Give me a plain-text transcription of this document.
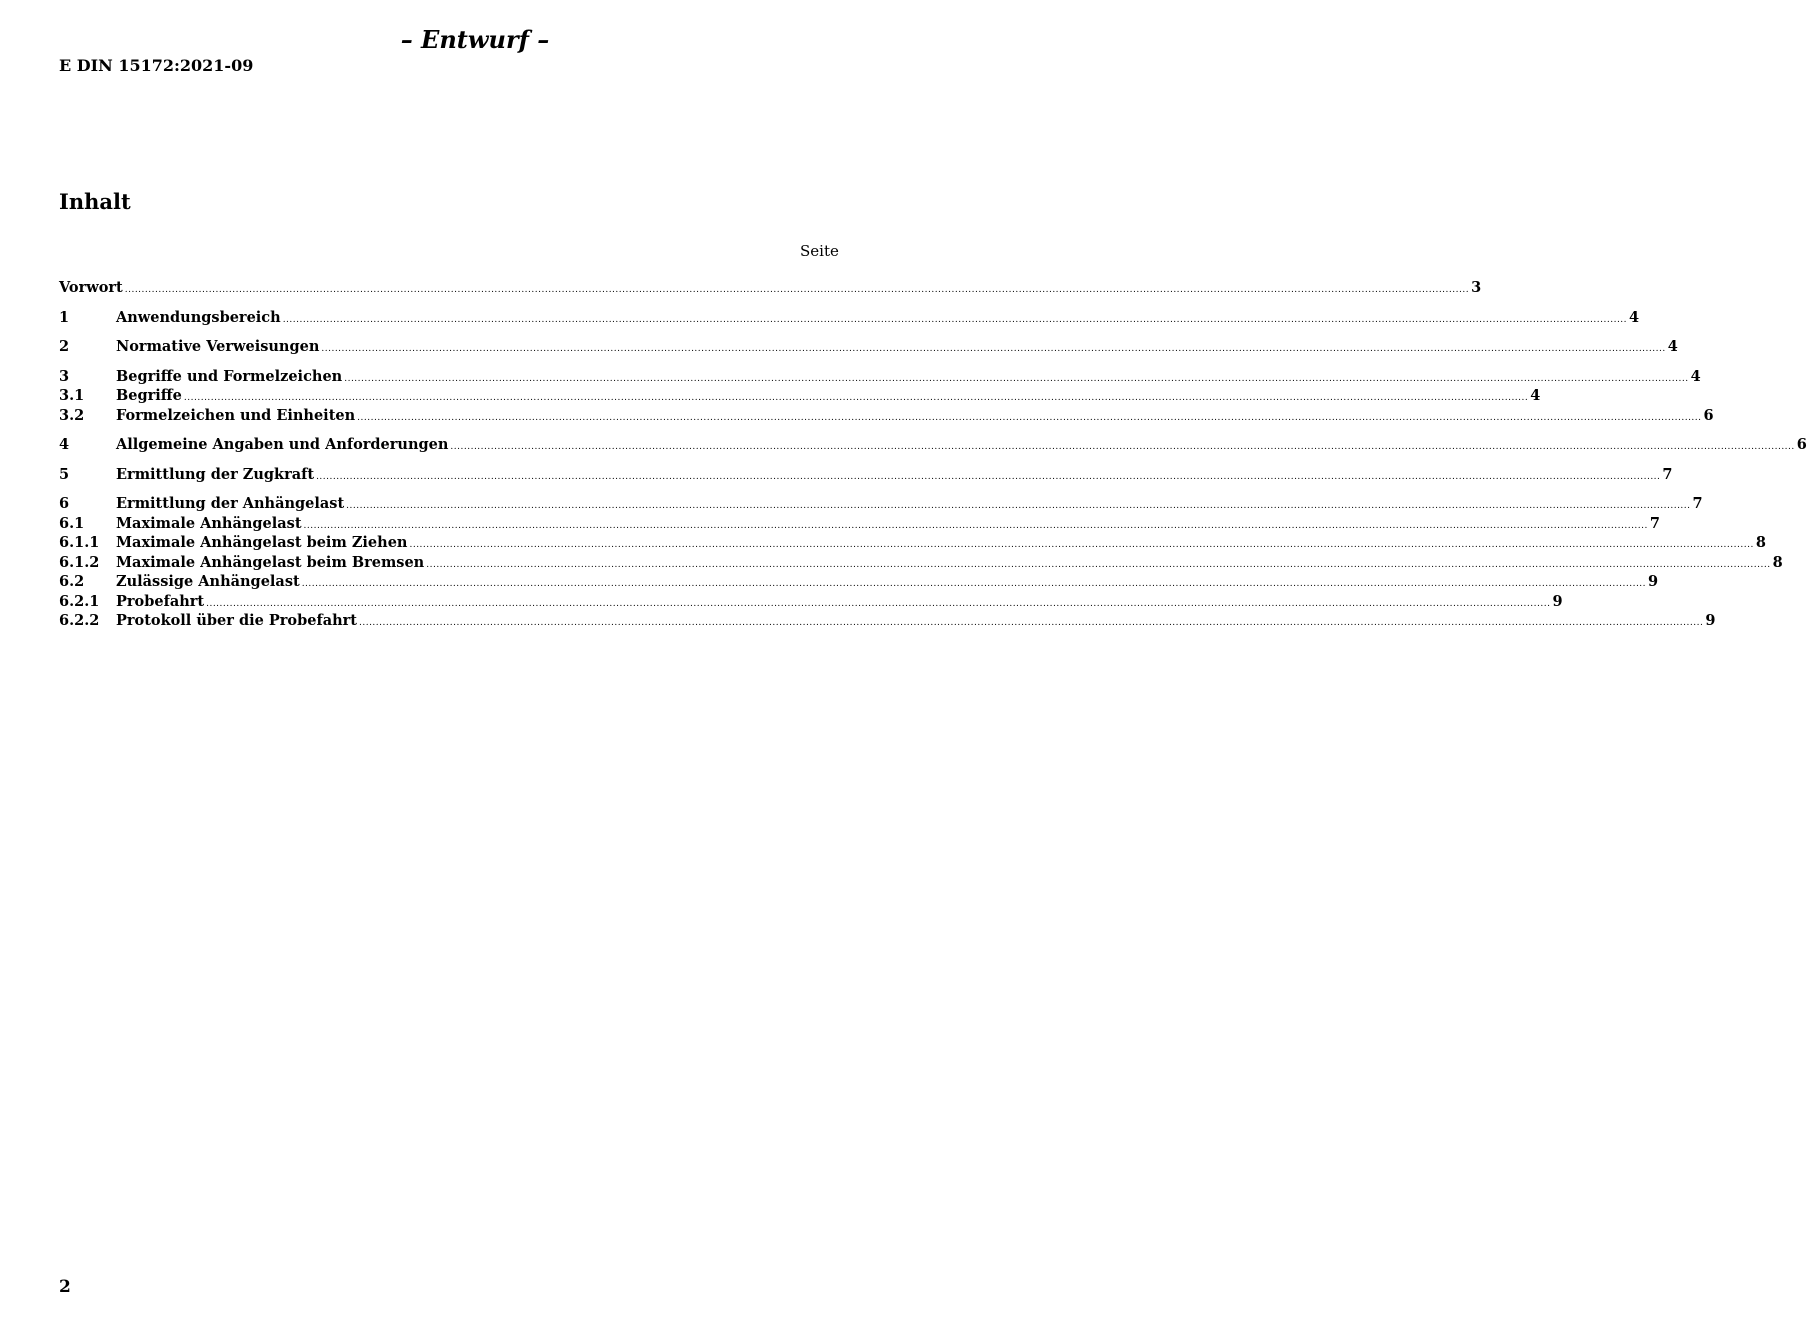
– Entwurf –
E DIN 15172:2021-09
Inhalt
Seite
Vorwort ................................................................................................................................................................................................................................................................................................................................................................................................................ 3
1	Anwendungsbereich ................................................................................................................................................................................................................................................................................................................................................................................................................ 4
2	Normative Verweisungen ................................................................................................................................................................................................................................................................................................................................................................................................................ 4
3	Begriffe und Formelzeichen ................................................................................................................................................................................................................................................................................................................................................................................................................ 4
3.1	Begriffe ................................................................................................................................................................................................................................................................................................................................................................................................................ 4
3.2	Formelzeichen und Einheiten ................................................................................................................................................................................................................................................................................................................................................................................................................ 6
4	Allgemeine Angaben und Anforderungen ................................................................................................................................................................................................................................................................................................................................................................................................................ 6
5	Ermittlung der Zugkraft ................................................................................................................................................................................................................................................................................................................................................................................................................ 7
6	Ermittlung der Anhängelast ................................................................................................................................................................................................................................................................................................................................................................................................................ 7
6.1	Maximale Anhängelast ................................................................................................................................................................................................................................................................................................................................................................................................................ 7
6.1.1	Maximale Anhängelast beim Ziehen ................................................................................................................................................................................................................................................................................................................................................................................................................ 8
6.1.2	Maximale Anhängelast beim Bremsen ................................................................................................................................................................................................................................................................................................................................................................................................................ 8
6.2	Zulässige Anhängelast ................................................................................................................................................................................................................................................................................................................................................................................................................ 9
6.2.1	Probefahrt ................................................................................................................................................................................................................................................................................................................................................................................................................ 9
6.2.2	Protokoll über die Probefahrt ................................................................................................................................................................................................................................................................................................................................................................................................................ 9
2
